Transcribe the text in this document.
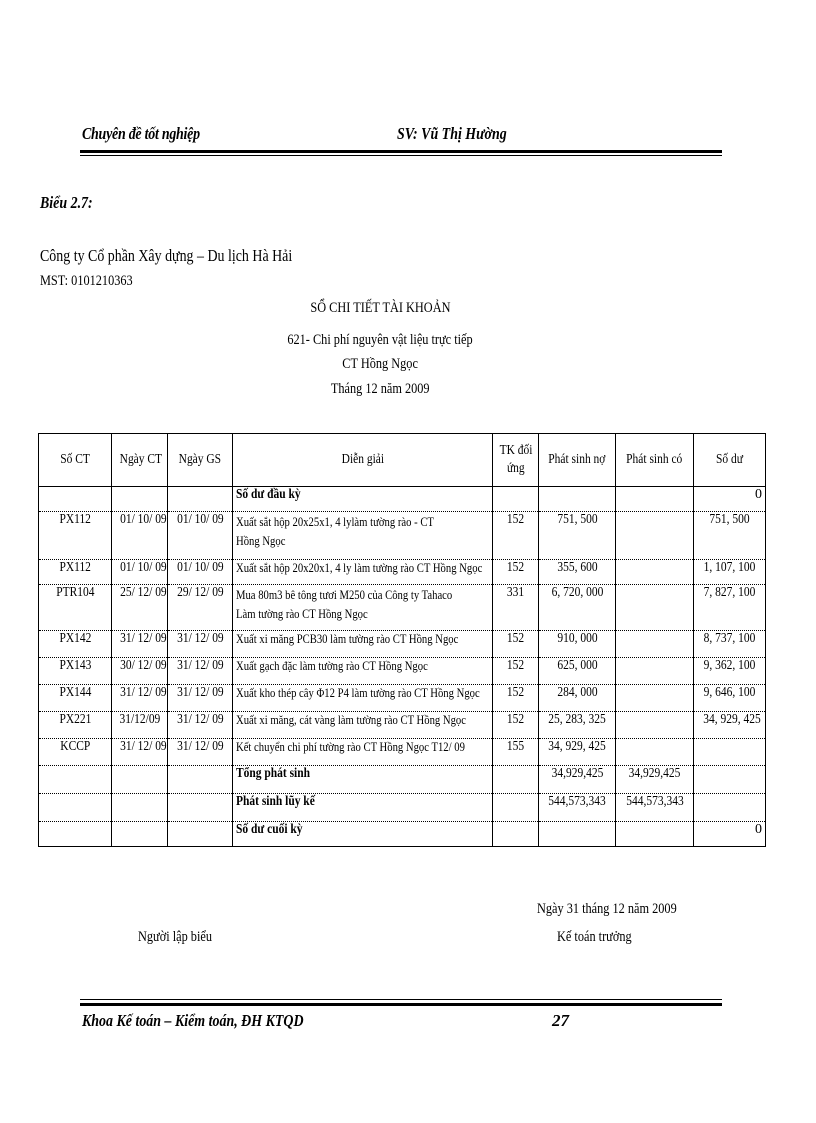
Chuyên đề tốt nghiệp	SV: Vũ Thị Hường
Biểu 2.7:
Công ty Cổ phần Xây dựng – Du lịch Hà Hải
MST: 0101210363
SỔ CHI TIẾT TÀI KHOẢN
621- Chi phí nguyên vật liệu trực tiếp
CT Hồng Ngọc
Tháng 12 năm 2009
Số CT	Ngày CT	Ngày GS	Diễn giải	TK đối
ứng	Phát sinh nợ	Phát sinh có	Số dư
			Số dư đầu kỳ				0
PX112	01/ 10/ 09	01/ 10/ 09	Xuất sắt hộp 20x25x1, 4 lylàm tường rào - CT
Hồng Ngọc	152	751, 500		751, 500
PX112	01/ 10/ 09	01/ 10/ 09	Xuất sắt hộp 20x20x1, 4 ly làm tường rào CT Hồng Ngọc	152	355, 600		1, 107, 100
PTR104	25/ 12/ 09	29/ 12/ 09	Mua 80m3 bê tông tươi M250 của Công ty Tahaco
Làm tường rào CT Hồng Ngọc	331	6, 720, 000		7, 827, 100
PX142	31/ 12/ 09	31/ 12/ 09	Xuất xi măng PCB30 làm tường rào CT Hồng Ngọc	152	910, 000		8, 737, 100
PX143	30/ 12/ 09	31/ 12/ 09	Xuất gạch đặc làm tường rào CT Hồng Ngọc	152	625, 000		9, 362, 100
PX144	31/ 12/ 09	31/ 12/ 09	Xuất kho thép cây Φ12 P4 làm tường rào CT Hồng Ngọc	152	284, 000		9, 646, 100
PX221	31/12/09	31/ 12/ 09	Xuất xi măng, cát vàng làm tường rào CT Hồng Ngọc	152	25, 283, 325		34, 929, 425
KCCP	31/ 12/ 09	31/ 12/ 09	Kết chuyển chi phí tường rào CT Hồng Ngọc T12/ 09	155	34, 929, 425		
			Tổng phát sinh		34,929,425	34,929,425	
			Phát sinh lũy kế		544,573,343	544,573,343	
			Số dư cuối kỳ				0
Ngày 31 tháng 12 năm 2009
Người lập biểu	Kế toán trưởng
Khoa Kế toán – Kiểm toán, ĐH KTQD	27
